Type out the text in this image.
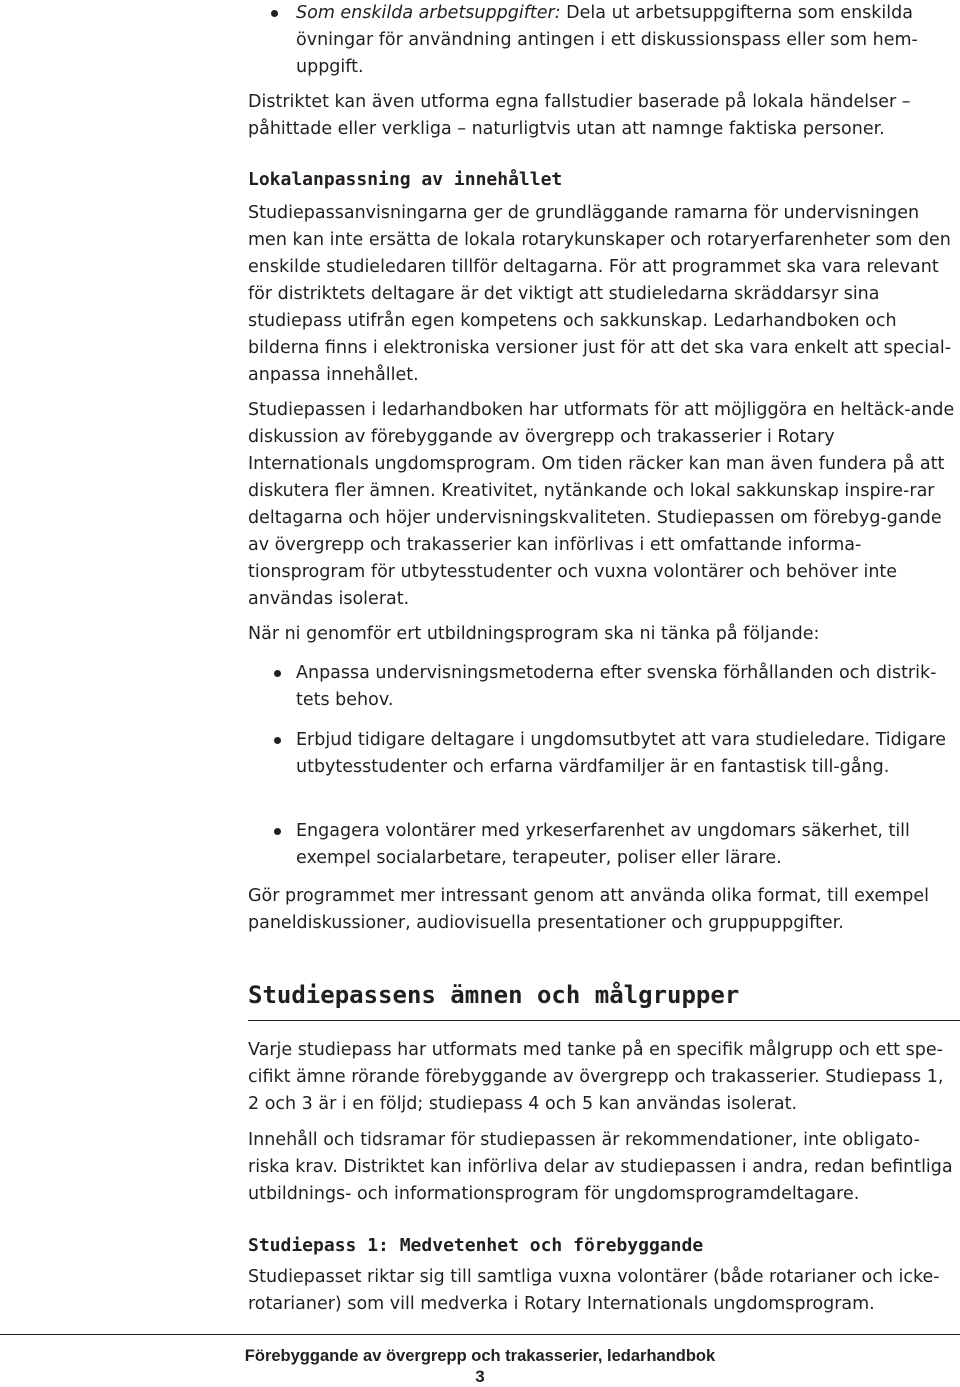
Som enskilda arbetsuppgifter: Dela ut arbetsuppgifterna som enskilda övningar för användning antingen i ett diskussionspass eller som hem-uppgift.

Distriktet kan även utforma egna fallstudier baserade på lokala händelser – påhittade eller verkliga – naturligtvis utan att namnge faktiska personer.

Lokalanpassning av innehållet

Studiepassanvisningarna ger de grundläggande ramarna för undervisningen men kan inte ersätta de lokala rotarykunskaper och rotaryerfarenheter som den enskilde studieledaren tillför deltagarna. För att programmet ska vara relevant för distriktets deltagare är det viktigt att studieledarna skräddarsyr sina studiepass utifrån egen kompetens och sakkunskap. Ledarhandboken och bilderna finns i elektroniska versioner just för att det ska vara enkelt att special-anpassa innehållet.

Studiepassen i ledarhandboken har utformats för att möjliggöra en heltäck-ande diskussion av förebyggande av övergrepp och trakasserier i Rotary Internationals ungdomsprogram. Om tiden räcker kan man även fundera på att diskutera fler ämnen. Kreativitet, nytänkande och lokal sakkunskap inspire-rar deltagarna och höjer undervisningskvaliteten. Studiepassen om förebyg-gande av övergrepp och trakasserier kan införlivas i ett omfattande informa-tionsprogram för utbytesstudenter och vuxna volontärer och behöver inte användas isolerat.

När ni genomför ert utbildningsprogram ska ni tänka på följande:

Anpassa undervisningsmetoderna efter svenska förhållanden och distrik-tets behov.

Erbjud tidigare deltagare i ungdomsutbytet att vara studieledare. Tidigare utbytesstudenter och erfarna värdfamiljer är en fantastisk till-gång.

Engagera volontärer med yrkeserfarenhet av ungdomars säkerhet, till exempel socialarbetare, terapeuter, poliser eller lärare.

Gör programmet mer intressant genom att använda olika format, till exempel paneldiskussioner, audiovisuella presentationer och gruppuppgifter.

Studiepassens ämnen och målgrupper

Varje studiepass har utformats med tanke på en specifik målgrupp och ett spe-cifikt ämne rörande förebyggande av övergrepp och trakasserier. Studiepass 1, 2 och 3 är i en följd; studiepass 4 och 5 kan användas isolerat.

Innehåll och tidsramar för studiepassen är rekommendationer, inte obligato-riska krav. Distriktet kan införliva delar av studiepassen i andra, redan befintliga utbildnings- och informationsprogram för ungdomsprogramdeltagare.

Studiepass 1: Medvetenhet och förebyggande

Studiepasset riktar sig till samtliga vuxna volontärer (både rotarianer och icke-rotarianer) som vill medverka i Rotary Internationals ungdomsprogram.

Förebyggande av övergrepp och trakasserier, ledarhandbok
3
